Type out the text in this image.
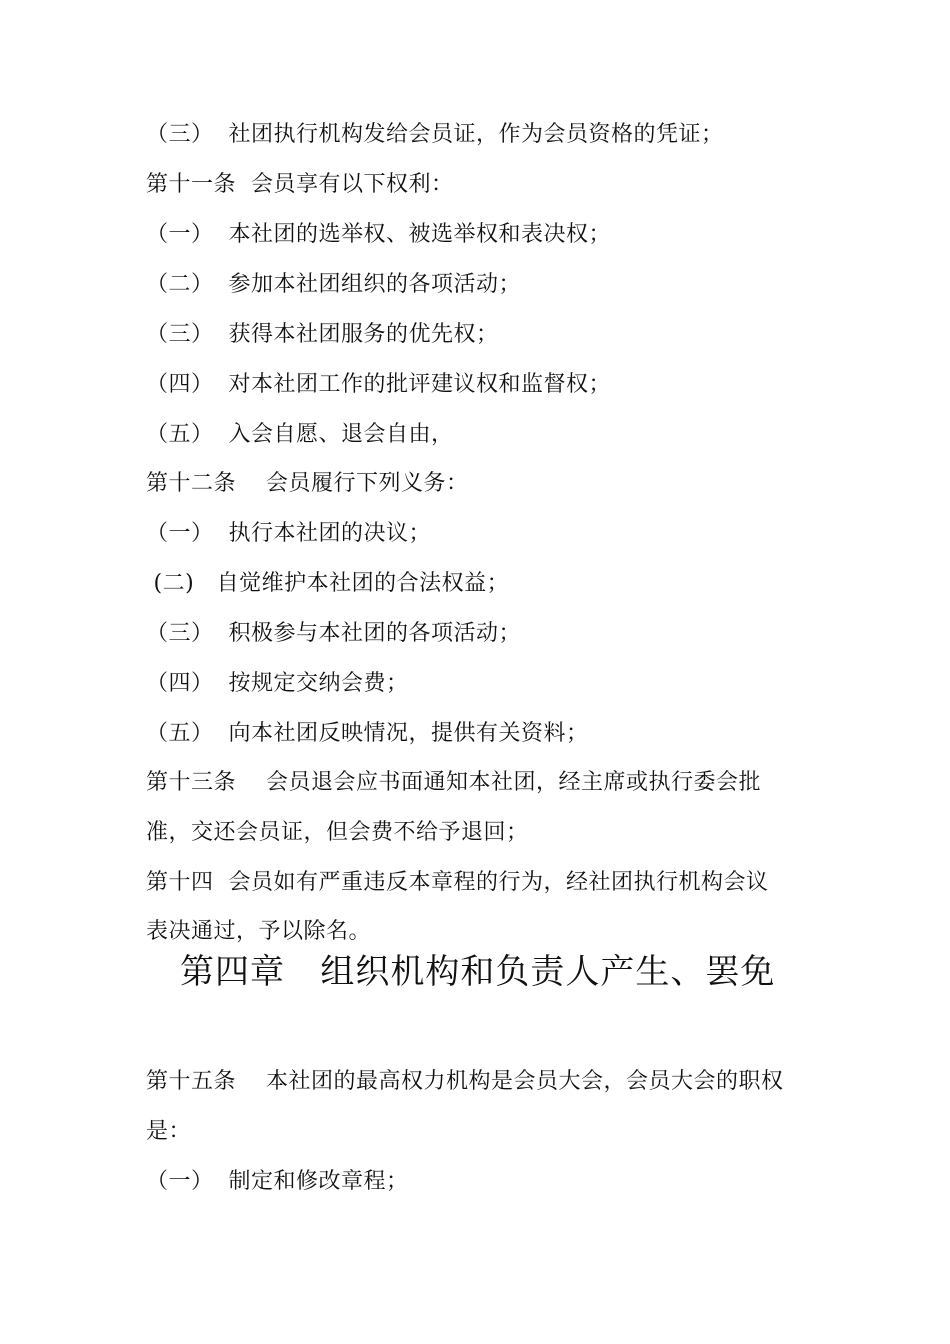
（三）  社团执行机构发给会员证，作为会员资格的凭证；
第十一条  会员享有以下权利：
（一）  本社团的选举权、被选举权和表决权；
（二）  参加本社团组织的各项活动；
（三）  获得本社团服务的优先权；
（四）  对本社团工作的批评建议权和监督权；
（五）  入会自愿、退会自由，
第十二条    会员履行下列义务：
（一）  执行本社团的决议；
(二)   自觉维护本社团的合法权益；
（三）  积极参与本社团的各项活动；
（四）  按规定交纳会费；
（五）  向本社团反映情况，提供有关资料；
第十三条    会员退会应书面通知本社团，经主席或执行委会批
准，交还会员证，但会费不给予退回；
第十四  会员如有严重违反本章程的行为，经社团执行机构会议
表决通过，予以除名。
第四章   组织机构和负责人产生、罢免
第十五条    本社团的最高权力机构是会员大会，会员大会的职权
是：
（一）  制定和修改章程；
